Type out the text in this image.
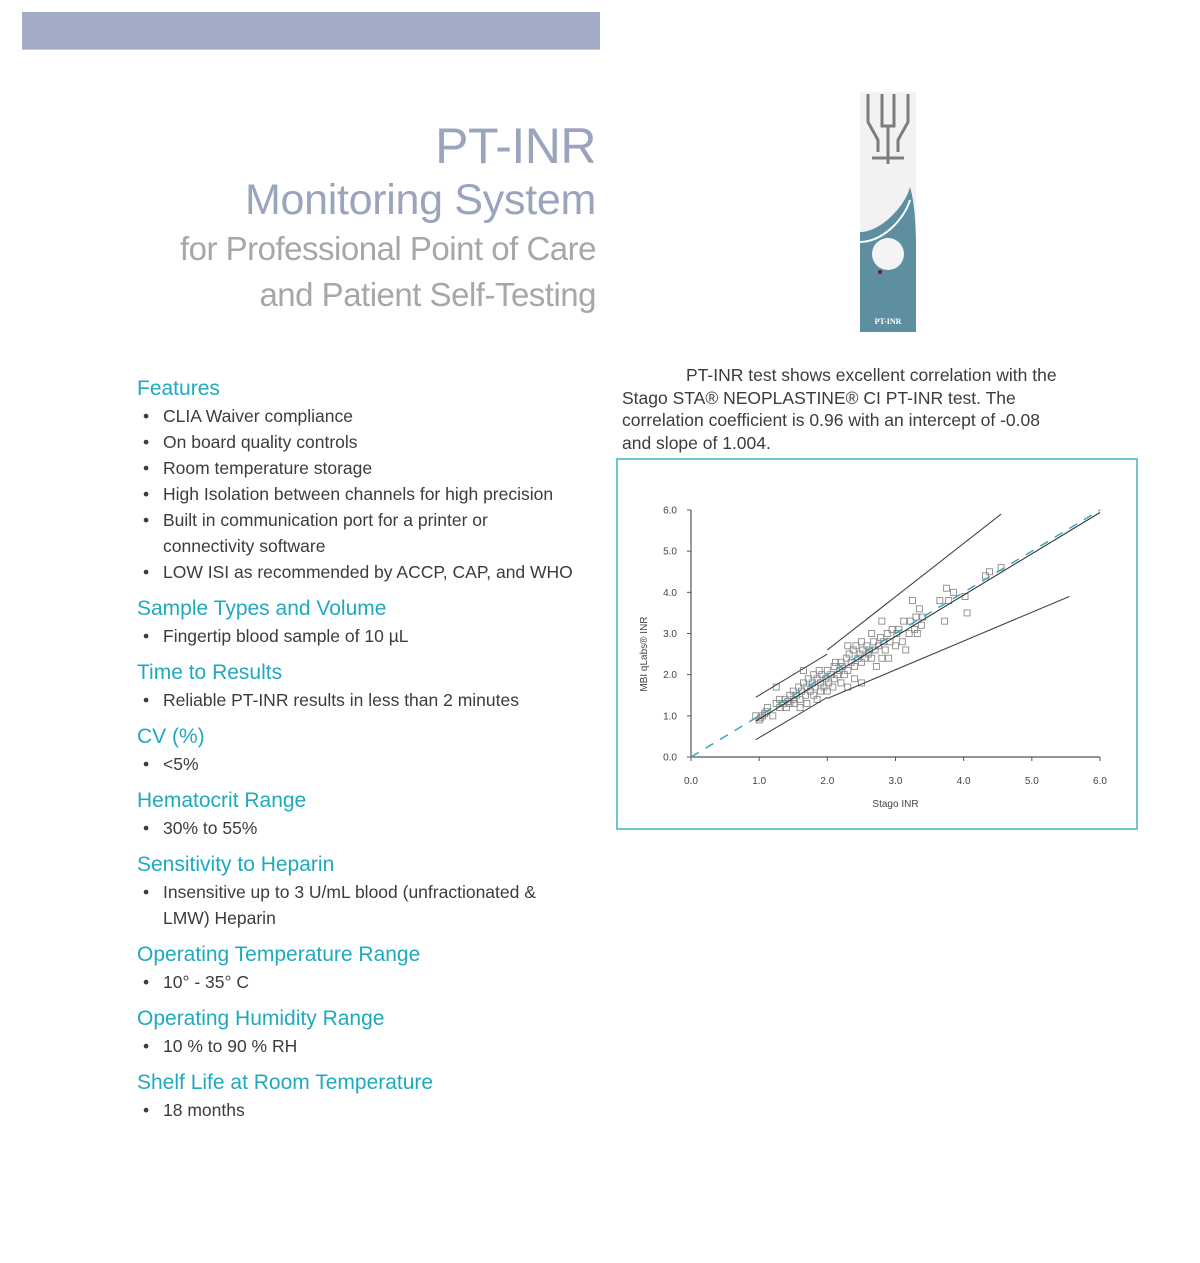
PT-INR
Monitoring System
for Professional Point of Care
and Patient Self-Testing
PT-INR
Features
• CLIA Waiver compliance
• On board quality controls
• Room temperature storage
• High Isolation between channels for high precision
• Built in communication port for a printer or connectivity software
• LOW ISI as recommended by ACCP, CAP, and WHO
Sample Types and Volume
• Fingertip blood sample of 10 µL
Time to Results
• Reliable PT-INR results in less than 2 minutes
CV (%)
• <5%
Hematocrit Range
• 30% to 55%
Sensitivity to Heparin
• Insensitive up to 3 U/mL blood (unfractionated & LMW) Heparin
Operating Temperature Range
• 10° - 35° C
Operating Humidity Range
• 10 % to 90 % RH
Shelf Life at Room Temperature
• 18 months
PT-INR test shows excellent correlation with the Stago STA® NEOPLASTINE® CI PT-INR test. The correlation coefficient is 0.96 with an intercept of -0.08 and slope of 1.004.
0.0	1.0	2.0	3.0	4.0	5.0	6.0
0.0
1.0
2.0
3.0
4.0
5.0
6.0
Stago INR
MBI qLabs® INR
